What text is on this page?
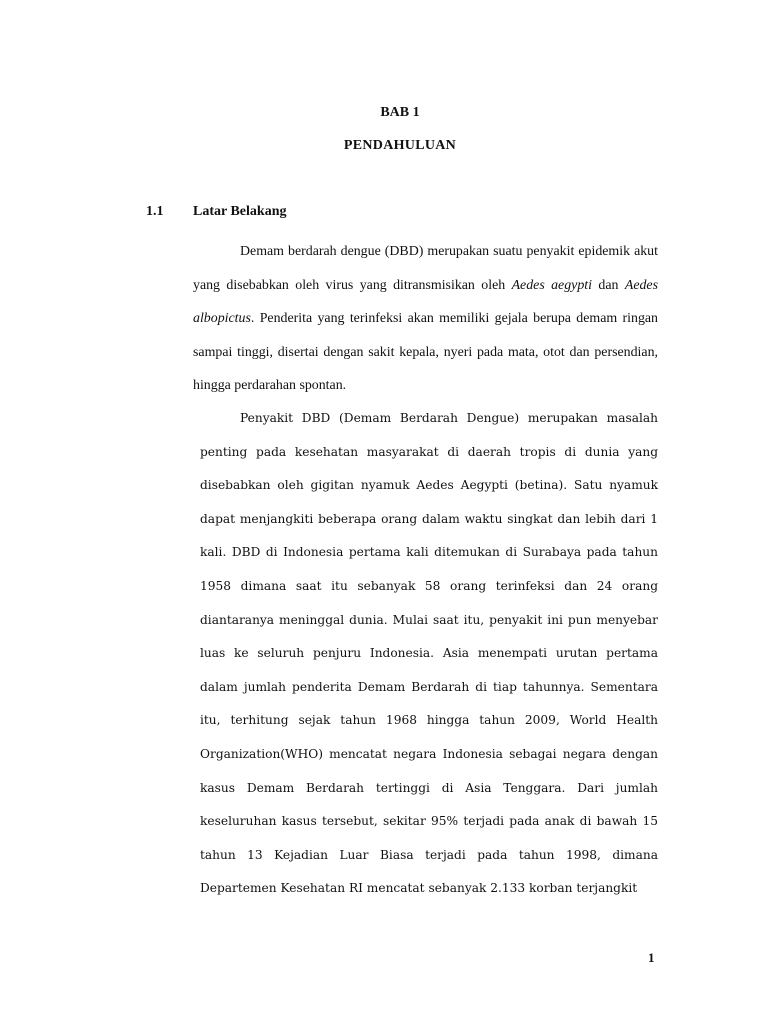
BAB 1
PENDAHULUAN
1.1 Latar Belakang

Demam berdarah dengue (DBD) merupakan suatu penyakit epidemik akut yang disebabkan oleh virus yang ditransmisikan oleh Aedes aegypti dan Aedes albopictus. Penderita yang terinfeksi akan memiliki gejala berupa demam ringan sampai tinggi, disertai dengan sakit kepala, nyeri pada mata, otot dan persendian, hingga perdarahan spontan.

Penyakit DBD (Demam Berdarah Dengue) merupakan masalah penting pada kesehatan masyarakat di daerah tropis di dunia yang disebabkan oleh gigitan nyamuk Aedes Aegypti (betina). Satu nyamuk dapat menjangkiti beberapa orang dalam waktu singkat dan lebih dari 1 kali. DBD di Indonesia pertama kali ditemukan di Surabaya pada tahun 1958 dimana saat itu sebanyak 58 orang terinfeksi dan 24 orang diantaranya meninggal dunia. Mulai saat itu, penyakit ini pun menyebar luas ke seluruh penjuru Indonesia. Asia menempati urutan pertama dalam jumlah penderita Demam Berdarah di tiap tahunnya. Sementara itu, terhitung sejak tahun 1968 hingga tahun 2009, World Health Organization(WHO) mencatat negara Indonesia sebagai negara dengan kasus Demam Berdarah tertinggi di Asia Tenggara. Dari jumlah keseluruhan kasus tersebut, sekitar 95% terjadi pada anak di bawah 15 tahun 13 Kejadian Luar Biasa terjadi pada tahun 1998, dimana Departemen Kesehatan RI mencatat sebanyak 2.133 korban terjangkit

1
